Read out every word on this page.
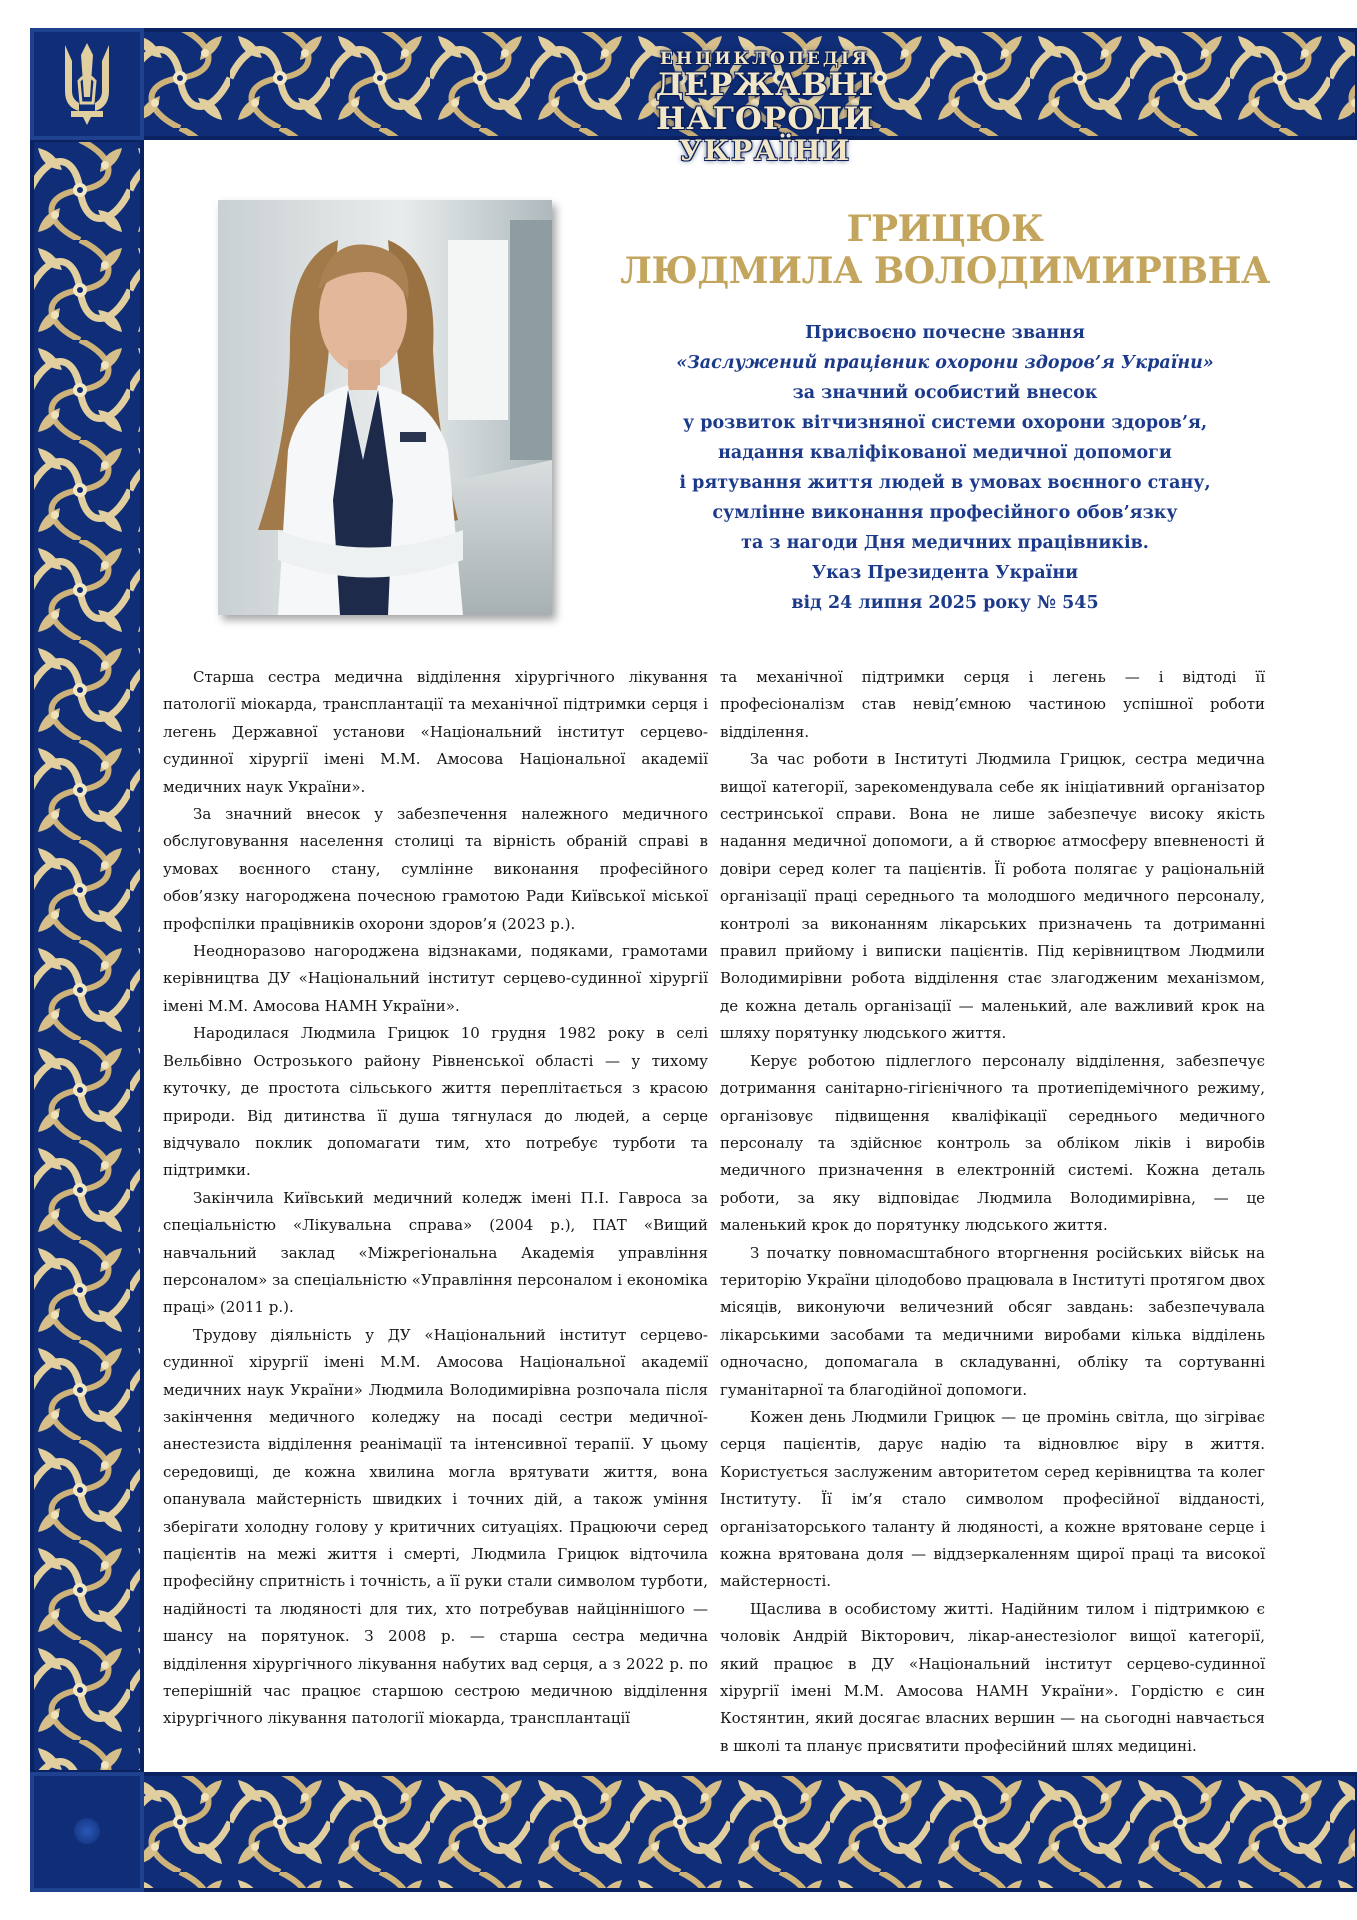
ЕНЦИКЛОПЕДІЯ
ДЕРЖАВНІ НАГОРОДИ
УКРАЇНИ
ГРИЦЮК
ЛЮДМИЛА ВОЛОДИМИРІВНА
Присвоєно почесне звання
«Заслужений працівник охорони здоров’я України»
за значний особистий внесок
у розвиток вітчизняної системи охорони здоров’я,
надання кваліфікованої медичної допомоги
і рятування життя людей в умовах воєнного стану,
сумлінне виконання професійного обов’язку
та з нагоди Дня медичних працівників.
Указ Президента України
від 24 липня 2025 року № 545

Старша сестра медична відділення хірургічного лікування патології міокарда, трансплантації та механічної підтримки серця і легень Державної установи «Національний інститут серцево-судинної хірургії імені М.М. Амосова Національної академії медичних наук України».

За значний внесок у забезпечення належного медичного обслуговування населення столиці та вірність обраній справі в умовах воєнного стану, сумлінне виконання професійного обов’язку нагороджена почесною грамотою Ради Київської міської профспілки працівників охорони здоров’я (2023 р.).

Неодноразово нагороджена відзнаками, подяками, грамотами керівництва ДУ «Національний інститут серцево-судинної хірургії імені М.М. Амосова НАМН України».

Народилася Людмила Грицюк 10 грудня 1982 року в селі Вельбівно Острозького району Рівненської області — у тихому куточку, де простота сільського життя переплітається з красою природи. Від дитинства її душа тягнулася до людей, а серце відчувало поклик допомагати тим, хто потребує турботи та підтримки.

Закінчила Київський медичний коледж імені П.І. Гавроса за спеціальністю «Лікувальна справа» (2004 р.), ПАТ «Вищий навчальний заклад «Міжрегіональна Академія управління персоналом» за спеціальністю «Управління персоналом і економіка праці» (2011 р.).

Трудову діяльність у ДУ «Національний інститут серцево-судинної хірургії імені М.М. Амосова Національної академії медичних наук України» Людмила Володимирівна розпочала після закінчення медичного коледжу на посаді сестри медичної-анестезиста відділення реанімації та інтенсивної терапії. У цьому середовищі, де кожна хвилина могла врятувати життя, вона опанувала майстерність швидких і точних дій, а також уміння зберігати холодну голову у критичних ситуаціях. Працюючи серед пацієнтів на межі життя і смерті, Людмила Грицюк відточила професійну спритність і точність, а її руки стали символом турботи, надійності та людяності для тих, хто потребував найціннішого — шансу на порятунок. З 2008 р. — старша сестра медична відділення хірургічного лікування набутих вад серця, а з 2022 р. по теперішній час працює старшою сестрою медичною відділення хірургічного лікування патології міокарда, трансплантації

та механічної підтримки серця і легень — і відтоді її професіоналізм став невід’ємною частиною успішної роботи відділення.

За час роботи в Інституті Людмила Грицюк, сестра медична вищої категорії, зарекомендувала себе як ініціативний організатор сестринської справи. Вона не лише забезпечує високу якість надання медичної допомоги, а й створює атмосферу впевненості й довіри серед колег та пацієнтів. Її робота полягає у раціональній організації праці середнього та молодшого медичного персоналу, контролі за виконанням лікарських призначень та дотриманні правил прийому і виписки пацієнтів. Під керівництвом Людмили Володимирівни робота відділення стає злагодженим механізмом, де кожна деталь організації — маленький, але важливий крок на шляху порятунку людського життя.

Керує роботою підлеглого персоналу відділення, забезпечує дотримання санітарно-гігієнічного та протиепідемічного режиму, організовує підвищення кваліфікації середнього медичного персоналу та здійснює контроль за обліком ліків і виробів медичного призначення в електронній системі. Кожна деталь роботи, за яку відповідає Людмила Володимирівна, — це маленький крок до порятунку людського життя.

З початку повномасштабного вторгнення російських військ на територію України цілодобово працювала в Інституті протягом двох місяців, виконуючи величезний обсяг завдань: забезпечувала лікарськими засобами та медичними виробами кілька відділень одночасно, допомагала в складуванні, обліку та сортуванні гуманітарної та благодійної допомоги.

Кожен день Людмили Грицюк — це промінь світла, що зігріває серця пацієнтів, дарує надію та відновлює віру в життя. Користується заслуженим авторитетом серед керівництва та колег Інституту. Її ім’я стало символом професійної відданості, організаторського таланту й людяності, а кожне врятоване серце і кожна врятована доля — віддзеркаленням щирої праці та високої майстерності.

Щаслива в особистому житті. Надійним тилом і підтримкою є чоловік Андрій Вікторович, лікар-анестезіолог вищої категорії, який працює в ДУ «Національний інститут серцево-судинної хірургії імені М.М. Амосова НАМН України». Гордістю є син Костянтин, який досягає власних вершин — на сьогодні навчається в школі та планує присвятити професійний шлях медицині.
